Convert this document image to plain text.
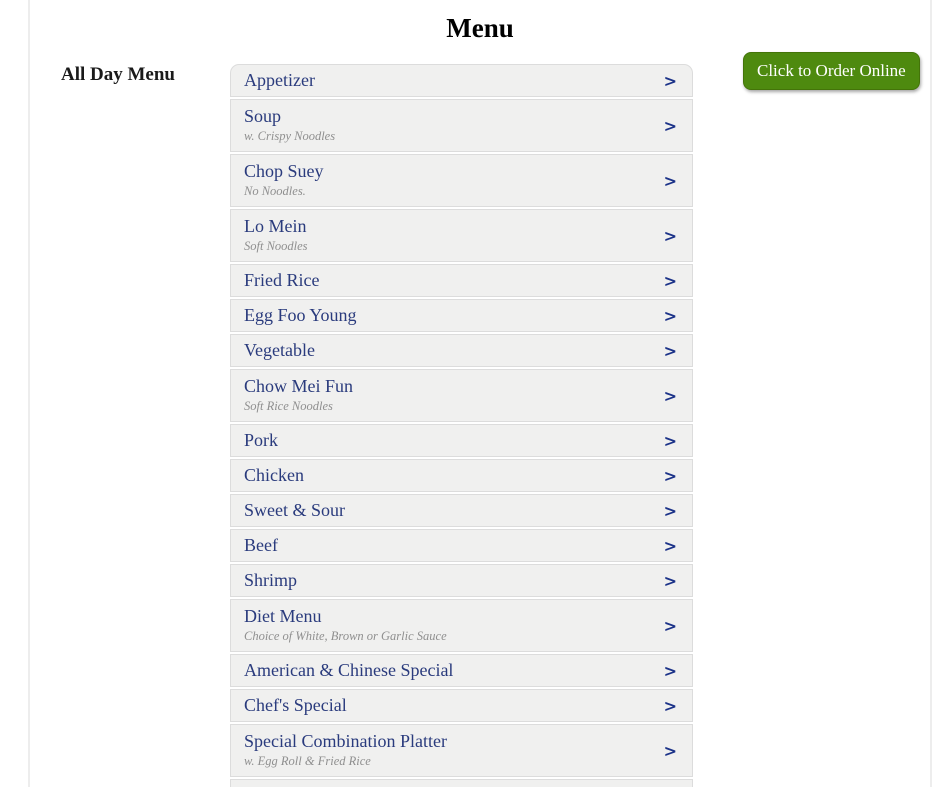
Menu
All Day Menu	Appetizer	>
Soup
w. Crispy Noodles
>
Chop Suey
No Noodles.
>
Lo Mein
Soft Noodles
>
Fried Rice	>
Egg Foo Young	>
Vegetable	>
Chow Mei Fun
Soft Rice Noodles
>
Pork	>
Chicken	>
Sweet & Sour	>
Beef	>
Shrimp	>
Diet Menu
Choice of White, Brown or Garlic Sauce
>
American & Chinese Special	>
Chef's Special	>
Special Combination Platter
w. Egg Roll & Fried Rice
>
Click to Order Online
